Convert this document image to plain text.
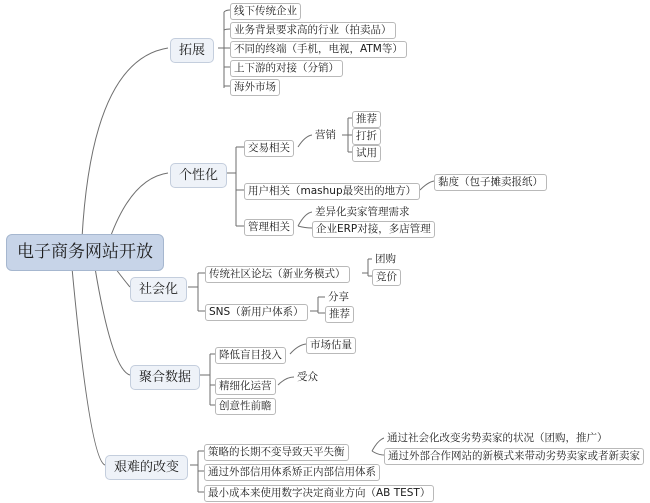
电子商务网站开放
拓展
线下传统企业
业务背景要求高的行业（拍卖品）
不同的终端（手机，电视，ATM等）
上下游的对接（分销）
海外市场
个性化
交易相关
营销
推荐
打折
试用
用户相关（mashup最突出的地方）
黏度（包子摊卖报纸）
管理相关
差异化卖家管理需求
企业ERP对接，多店管理
社会化
传统社区论坛（新业务模式）
团购
竞价
SNS（新用户体系）
分享
推荐
聚合数据
降低盲目投入
市场估量
精细化运营
受众
创意性前瞻
艰难的改变
策略的长期不变导致天平失衡
通过社会化改变劣势卖家的状况（团购，推广）
通过外部合作网站的新模式来带动劣势卖家或者新卖家
通过外部信用体系矫正内部信用体系
最小成本来使用数字决定商业方向（AB TEST）
